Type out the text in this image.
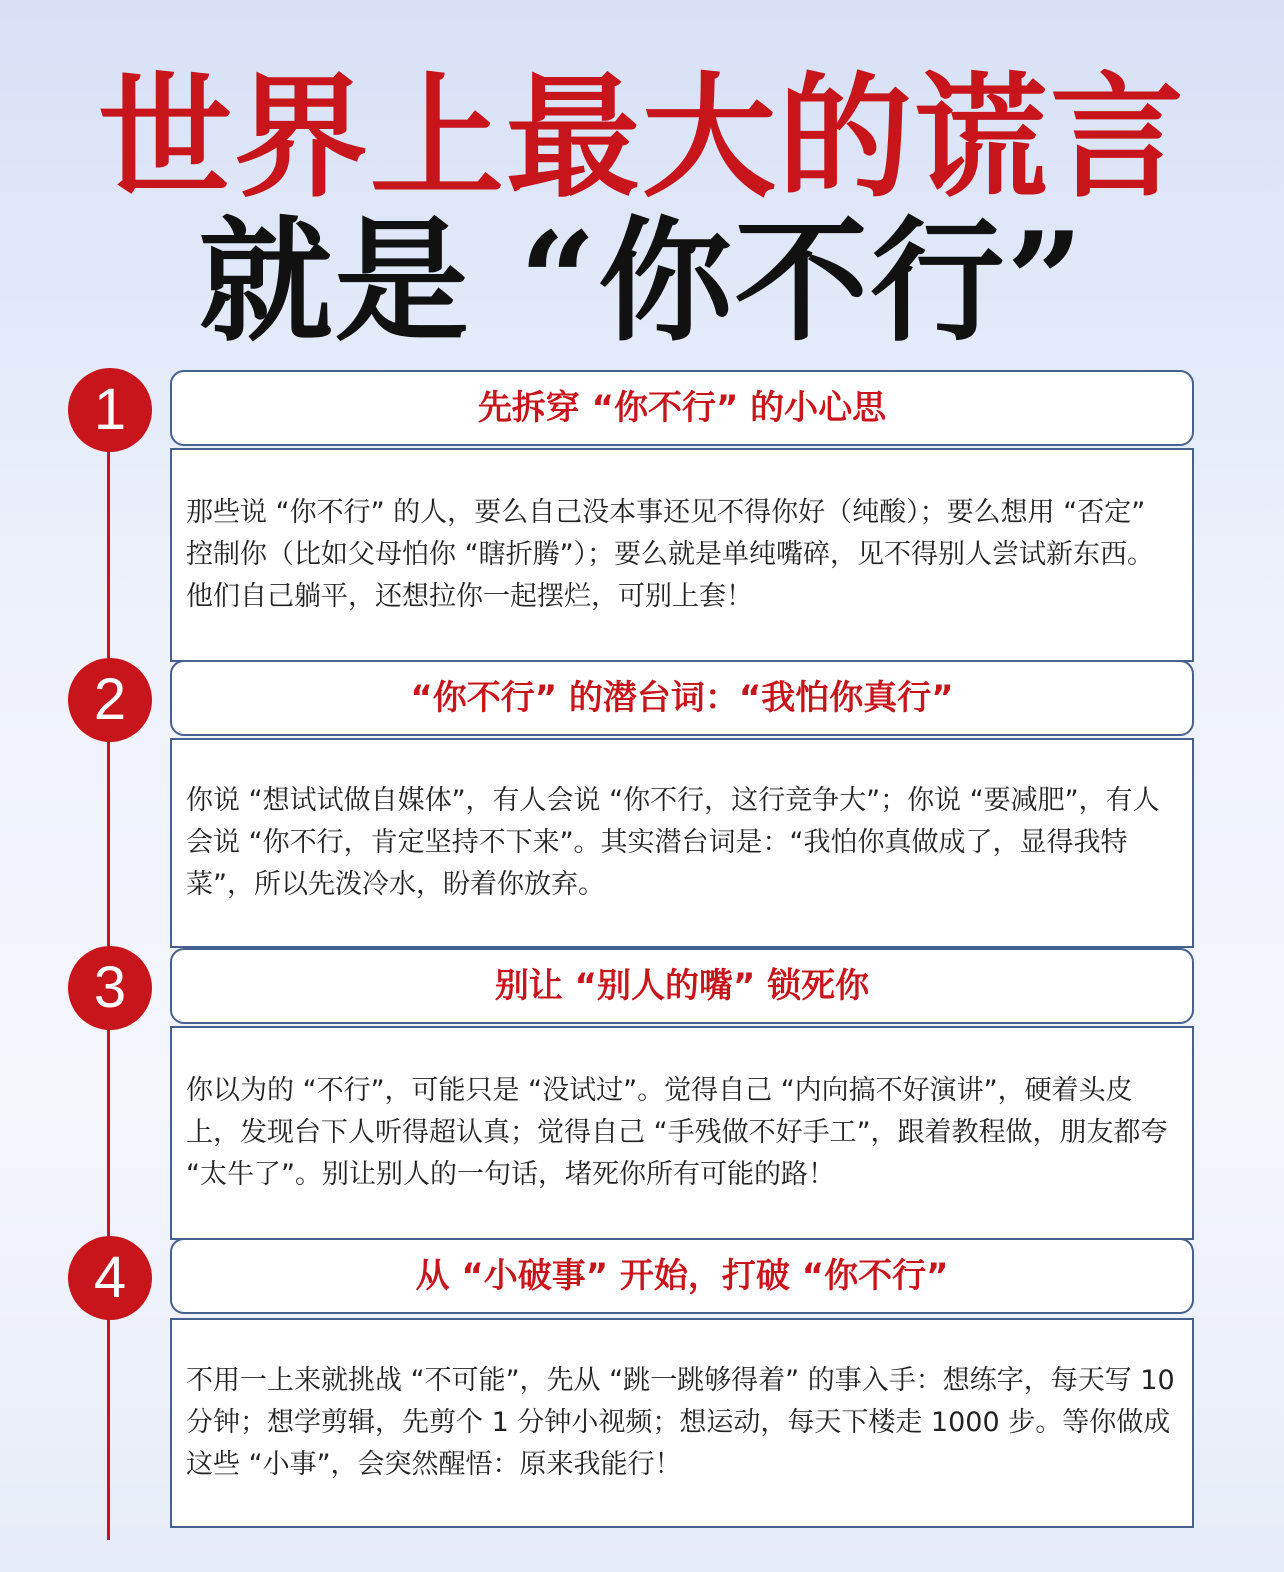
世界上最大的谎言
就是 “你不行”
1	先拆穿 “你不行” 的小心思

那些说 “你不行” 的人，要么自己没本事还见不得你好（纯酸）；要么想用 “否定” 控制你（比如父母怕你 “瞎折腾”）；要么就是单纯嘴碎，见不得别人尝试新东西。他们自己躺平，还想拉你一起摆烂，可别上套！

2	“你不行” 的潜台词：“我怕你真行”

你说 “想试试做自媒体”，有人会说 “你不行，这行竞争大”；你说 “要减肥”，有人会说 “你不行，肯定坚持不下来”。其实潜台词是：“我怕你真做成了，显得我特菜”，所以先泼冷水，盼着你放弃。

3	别让 “别人的嘴” 锁死你

你以为的 “不行”，可能只是 “没试过”。觉得自己 “内向搞不好演讲”，硬着头皮上，发现台下人听得超认真；觉得自己 “手残做不好手工”，跟着教程做，朋友都夸 “太牛了”。别让别人的一句话，堵死你所有可能的路！

4	从 “小破事” 开始，打破 “你不行”

不用一上来就挑战 “不可能”，先从 “跳一跳够得着” 的事入手：想练字，每天写 10 分钟；想学剪辑，先剪个 1 分钟小视频；想运动，每天下楼走 1000 步。等你做成这些 “小事”，会突然醒悟：原来我能行！
